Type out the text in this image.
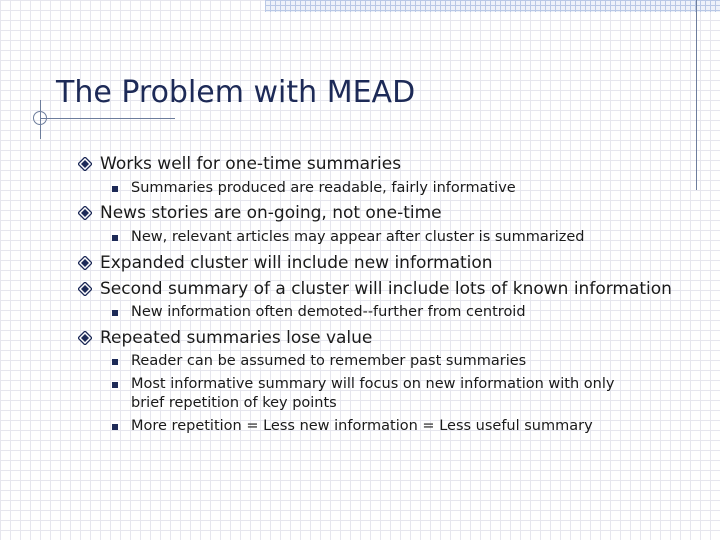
The Problem with MEAD
Works well for one-time summaries
Summaries produced are readable, fairly informative
News stories are on-going, not one-time
New, relevant articles may appear after cluster is summarized
Expanded cluster will include new information
Second summary of a cluster will include lots of known information
New information often demoted--further from centroid
Repeated summaries lose value
Reader can be assumed to remember past summaries
Most informative summary will focus on new information with only brief repetition of key points
More repetition = Less new information = Less useful summary
